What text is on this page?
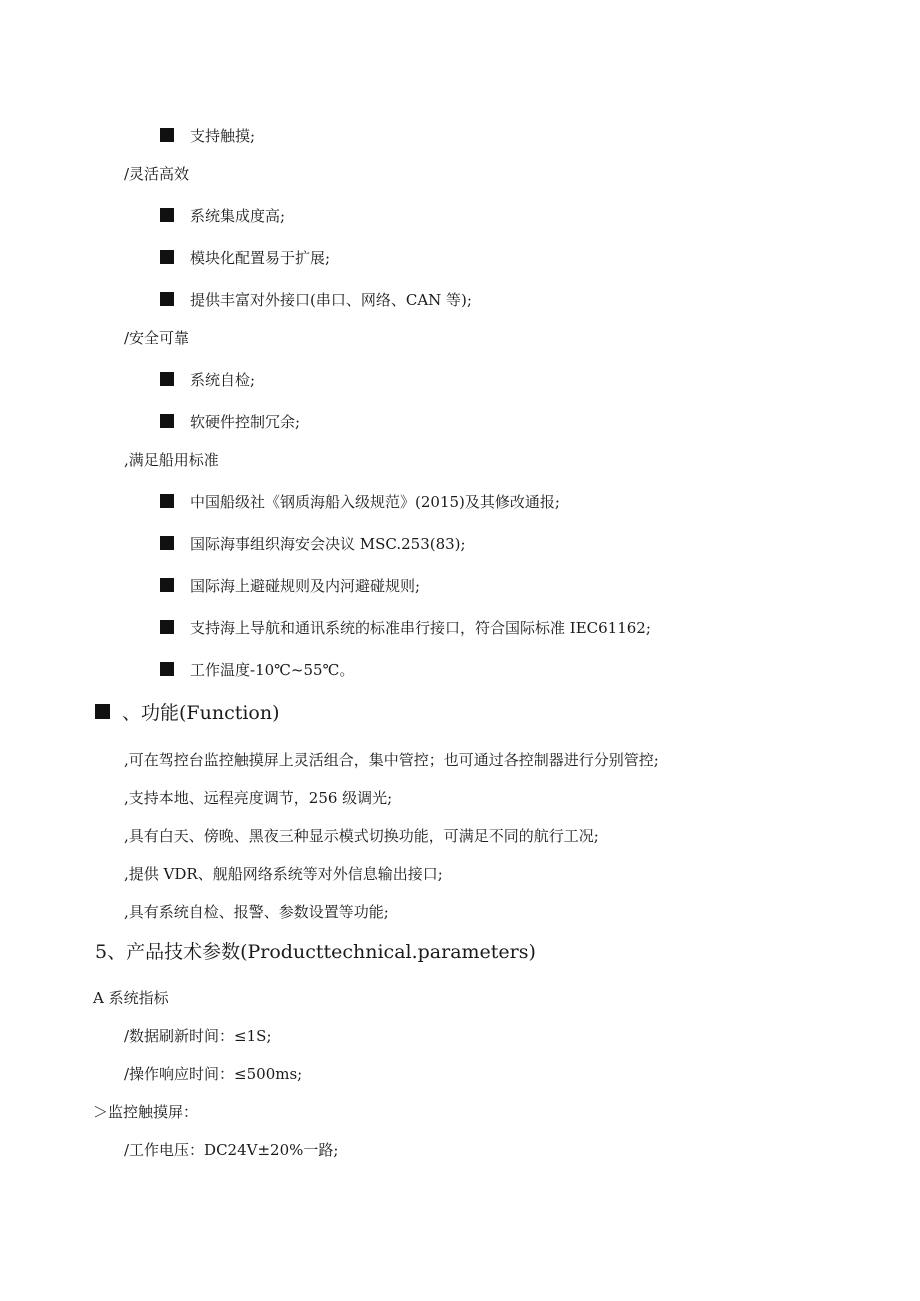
支持触摸;
/灵活高效
系统集成度高;
模块化配置易于扩展;
提供丰富对外接口(串口、网络、CAN 等);
/安全可靠
系统自检;
软硬件控制冗余;
,满足船用标准
中国船级社《钢质海船入级规范》(2015)及其修改通报;
国际海事组织海安会决议 MSC.253(83);
国际海上避碰规则及内河避碰规则;
支持海上导航和通讯系统的标准串行接口，符合国际标准 IEC61162;
工作温度-10℃~55℃。
、功能(Function)
,可在驾控台监控触摸屏上灵活组合，集中管控；也可通过各控制器进行分别管控;
,支持本地、远程亮度调节，256 级调光;
,具有白天、傍晚、黑夜三种显示模式切换功能，可满足不同的航行工况;
,提供 VDR、舰船网络系统等对外信息输出接口;
,具有系统自检、报警、参数设置等功能;
5、产品技术参数(Producttechnical.parameters)
A 系统指标
/数据刷新时间：≤1S;
/操作响应时间：≤500ms;
＞监控触摸屏：
/工作电压：DC24V±20%一路;
